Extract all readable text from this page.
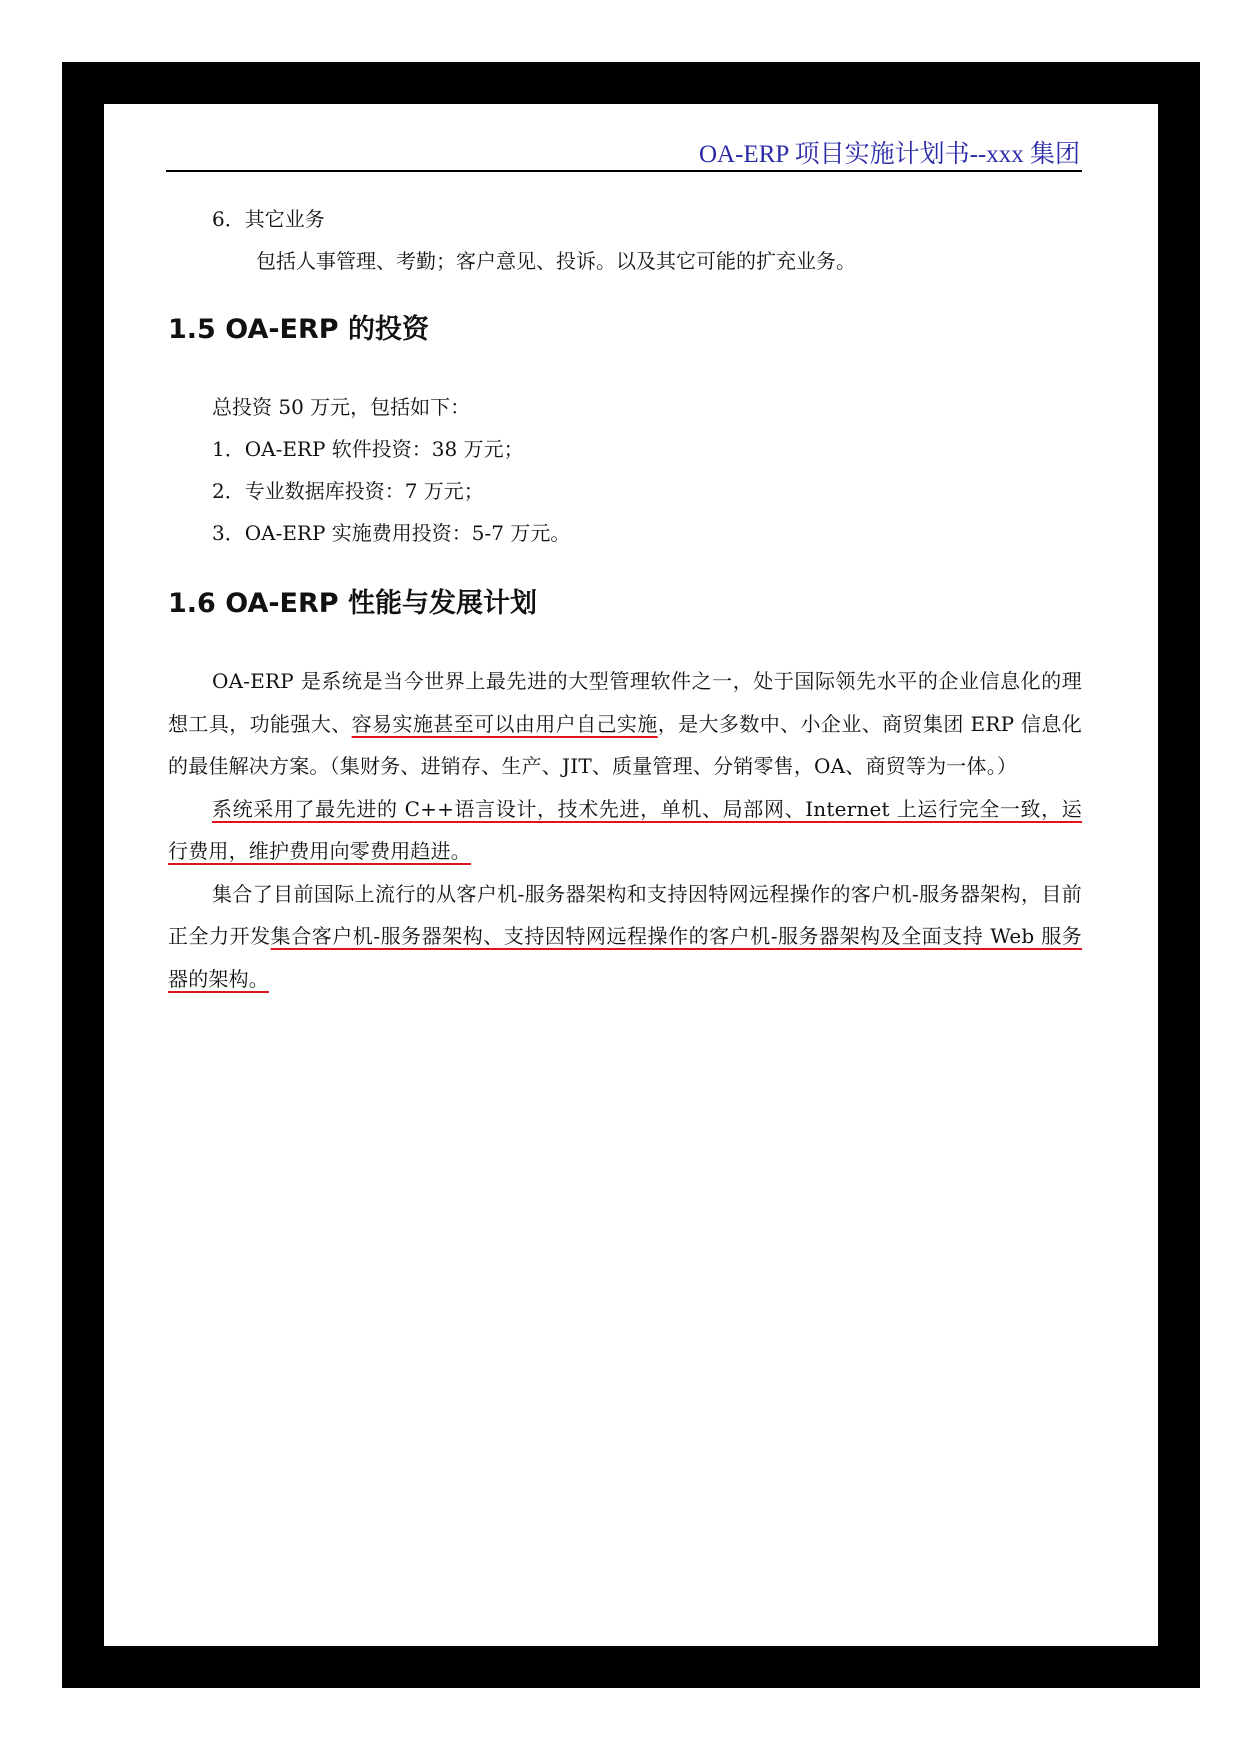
OA-ERP 项目实施计划书--xxx 集团
6．其它业务
包括人事管理、考勤；客户意见、投诉。以及其它可能的扩充业务。
1.5 OA-ERP 的投资
总投资 50 万元，包括如下：
1．OA-ERP 软件投资：38 万元；
2．专业数据库投资：7 万元；
3．OA-ERP 实施费用投资：5-7 万元。
1.6 OA-ERP 性能与发展计划

OA-ERP 是系统是当今世界上最先进的大型管理软件之一，处于国际领先水平的企业信息化的理想工具，功能强大、容易实施甚至可以由用户自己实施，是大多数中、小企业、商贸集团 ERP 信息化的最佳解决方案。（集财务、进销存、生产、JIT、质量管理、分销零售，OA、商贸等为一体。）

系统采用了最先进的 C++语言设计，技术先进，单机、局部网、Internet 上运行完全一致，运行费用，维护费用向零费用趋进。

集合了目前国际上流行的从客户机-服务器架构和支持因特网远程操作的客户机-服务器架构，目前正全力开发集合客户机-服务器架构、支持因特网远程操作的客户机-服务器架构及全面支持 Web 服务器的架构。
